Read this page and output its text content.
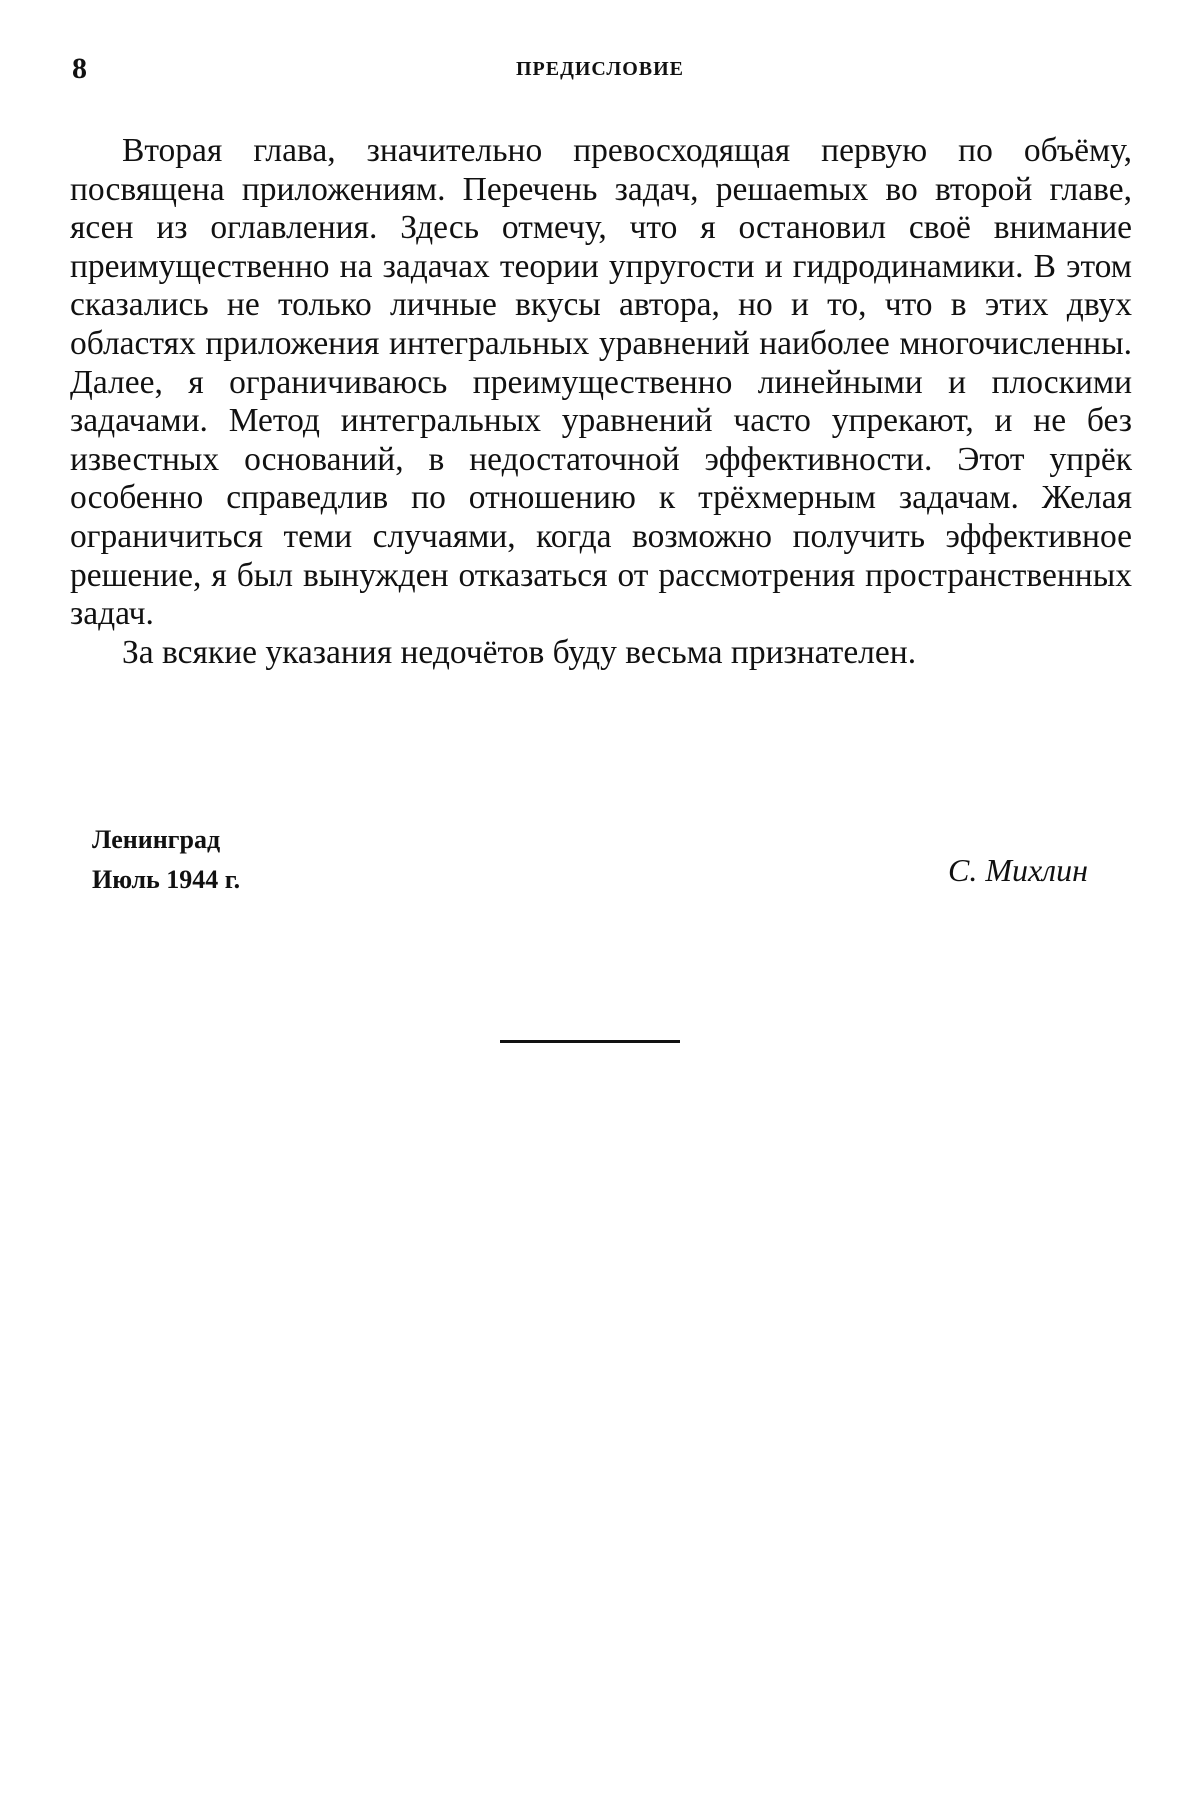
8	ПРЕДИСЛОВИЕ

Вторая глава, значительно превосходящая первую по объёму, посвящена приложениям. Перечень задач, решаеmых во второй главе, ясен из оглавления. Здесь отмечу, что я остановил своё внимание преимущественно на задачах теории упругости и гидродинамики. В этом сказались не только личные вкусы автора, но и то, что в этих двух областях приложения интегральных уравнений наиболее многочисленны. Далее, я ограничиваюсь преимущественно линейными и плоскими задачами. Метод интегральных уравнений часто упрекают, и не без известных оснований, в недостаточной эффективности. Этот упрёк особенно справедлив по отношению к трёхмерным задачам. Желая ограничиться теми случаями, когда возможно получить эффективное решение, я был вынужден отказаться от рассмотрения пространственных задач.

За всякие указания недочётов буду весьма признателен.

Ленинград
Июль 1944 г.	С. Михлин
